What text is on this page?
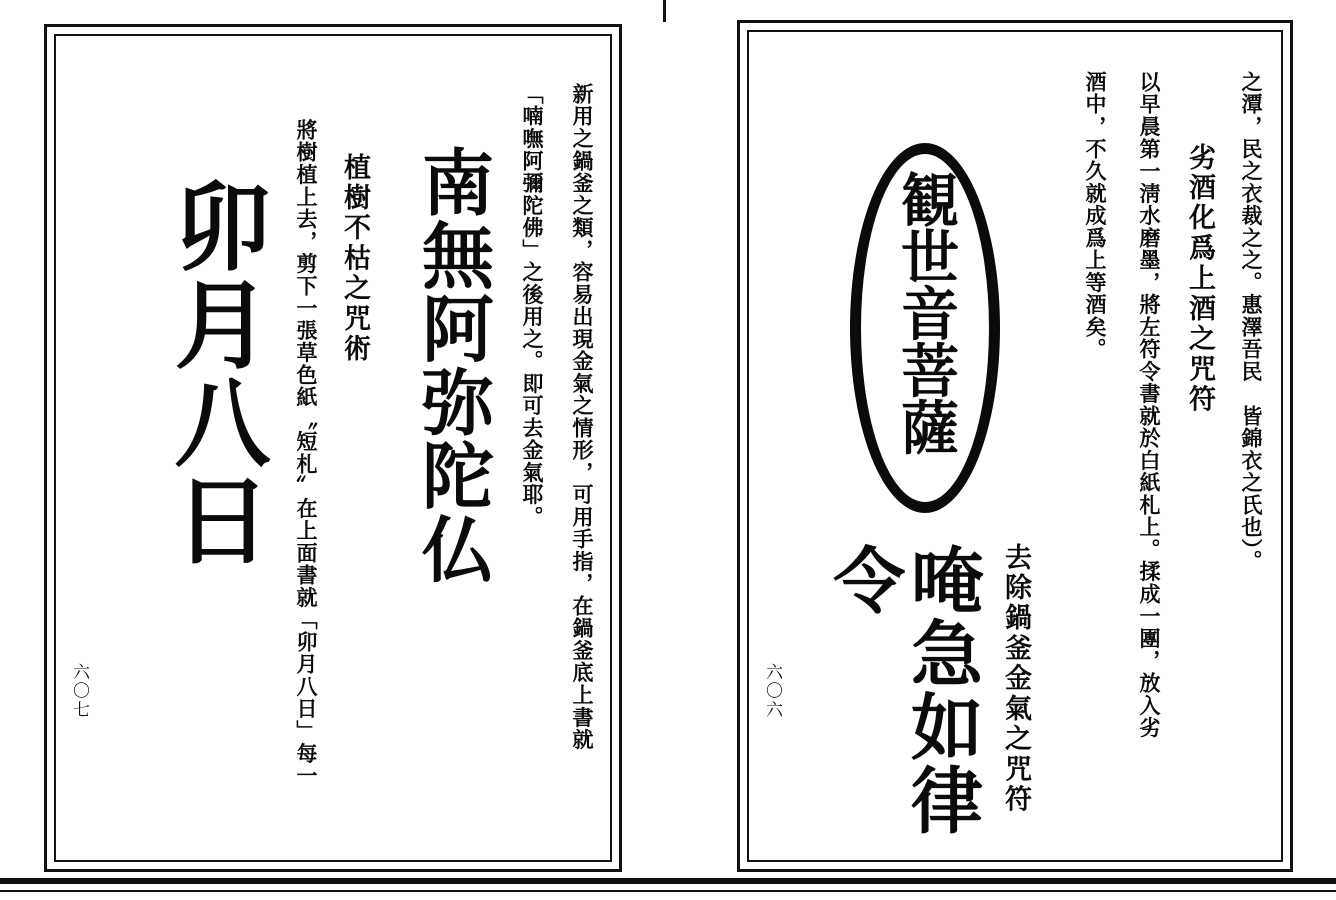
之潭，民之衣裁之之。惠澤吾民　皆錦衣之氏也）。
劣酒化爲上酒之咒符
以早晨第一淸水磨墨，將左符令書就於白紙札上。揉成一團，放入劣
酒中，不久就成爲上等酒矣。
観世音菩薩
唵急如律令	去除鍋釜金氣之咒符
六〇六
新用之鍋釜之類，容易出現金氣之情形，可用手指，在鍋釜底上書就
「喃嘸阿彌陀佛」之後用之。即可去金氣耶。
南無阿弥陀仏
植樹不枯之咒術
將樹植上去，剪下一張草色紙〝短札〞在上面書就「卯月八日」每一
卯月八日
六〇七
